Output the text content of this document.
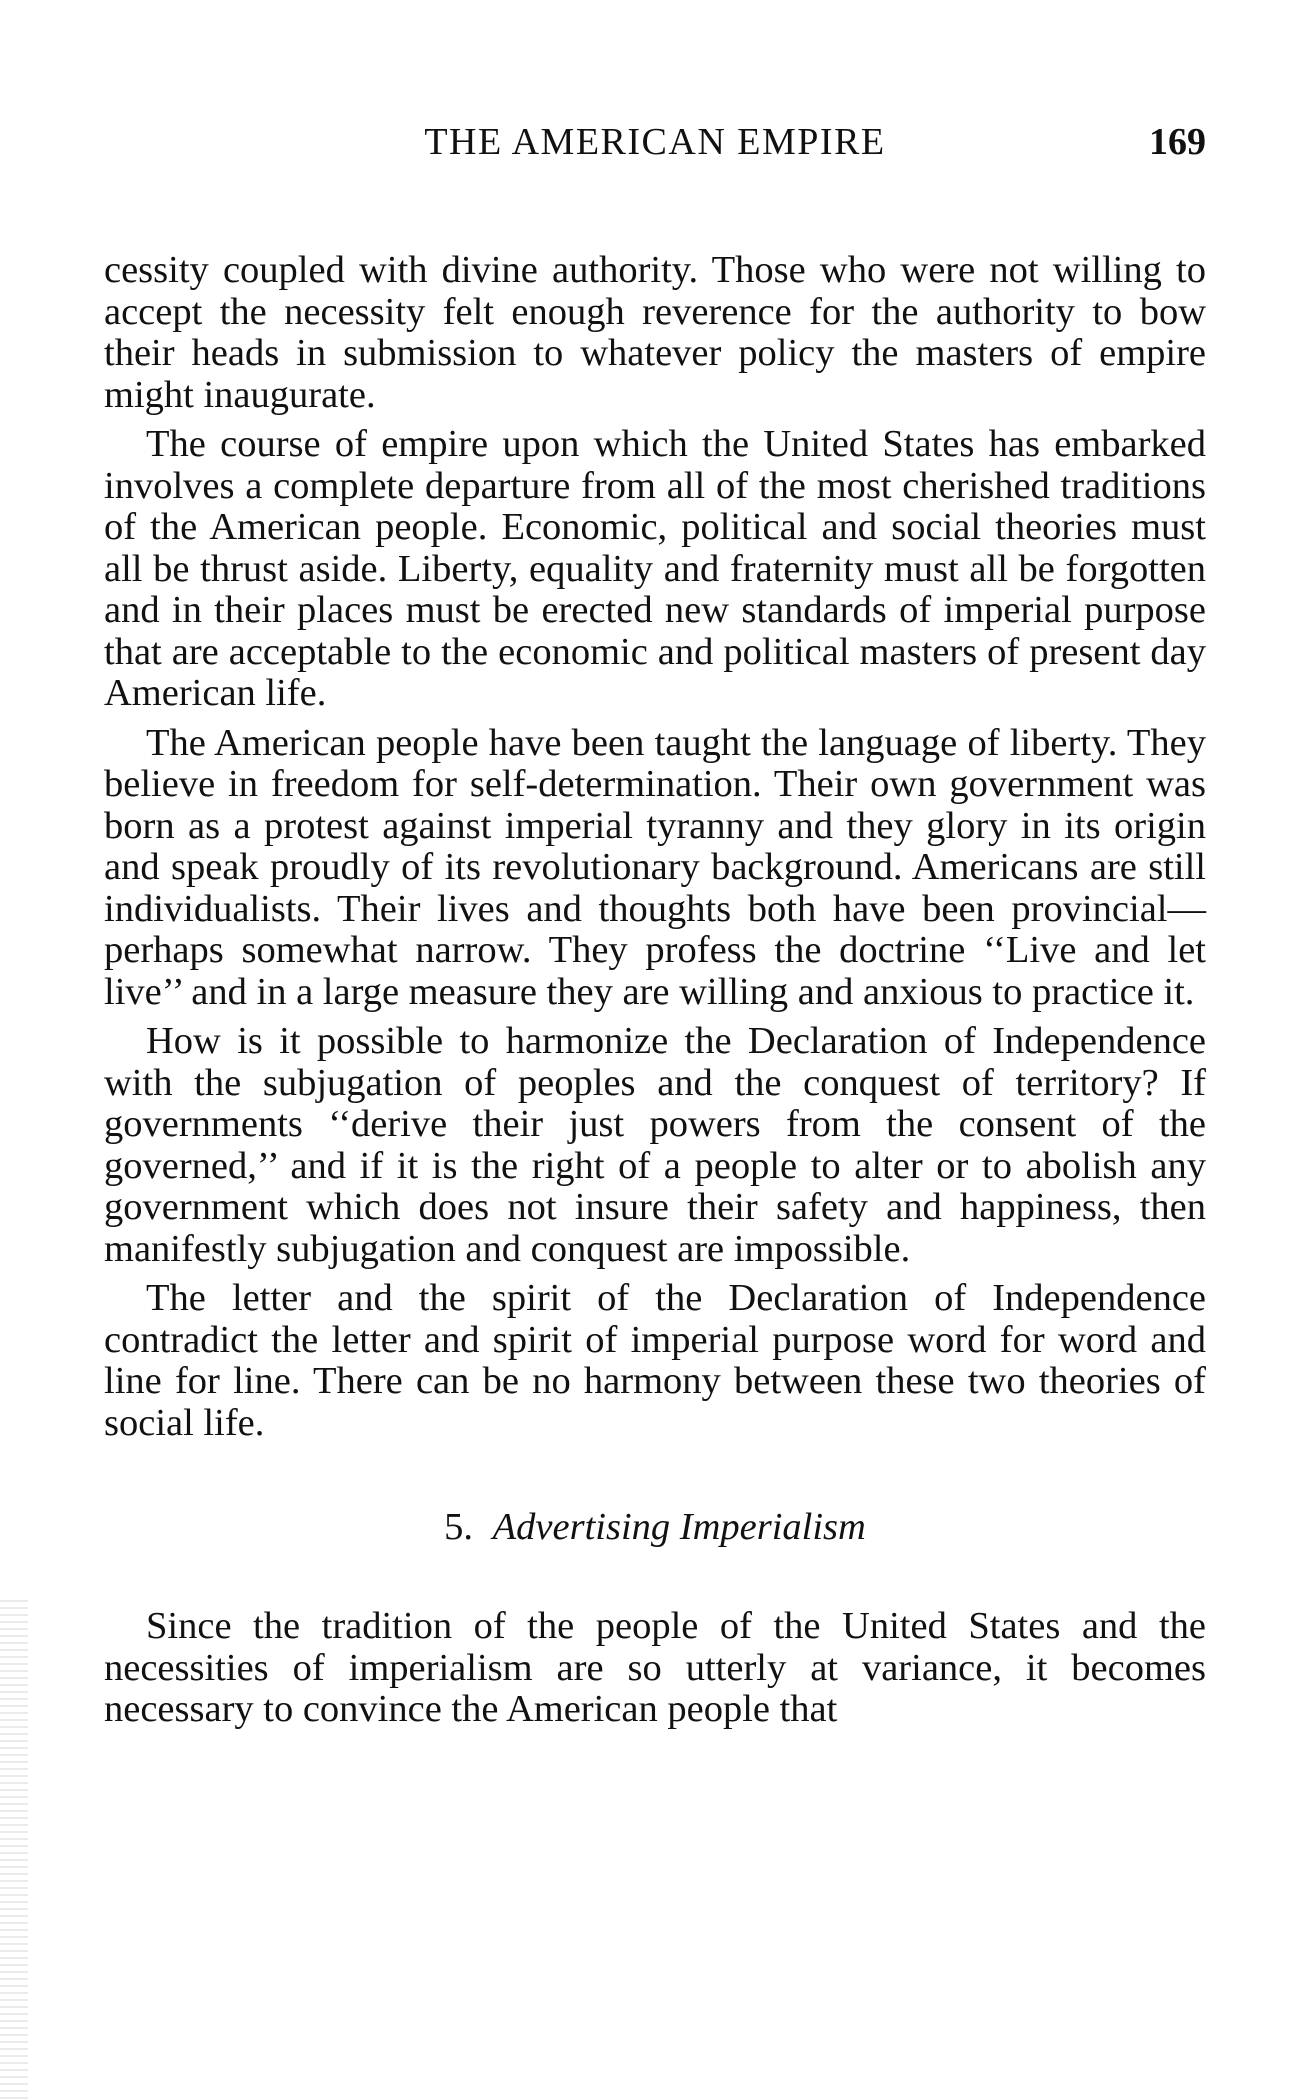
THE AMERICAN EMPIRE	169

cessity coupled with divine authority. Those who were not willing to accept the necessity felt enough reverence for the authority to bow their heads in submission to whatever policy the masters of empire might inaugurate.

The course of empire upon which the United States has embarked involves a complete departure from all of the most cherished traditions of the American people. Economic, political and social theories must all be thrust aside. Liberty, equality and fraternity must all be forgotten and in their places must be erected new standards of imperial purpose that are acceptable to the economic and political masters of present day American life.

The American people have been taught the language of liberty. They believe in freedom for self-determination. Their own government was born as a protest against imperial tyranny and they glory in its origin and speak proudly of its revolutionary background. Americans are still individualists. Their lives and thoughts both have been provincial—perhaps somewhat narrow. They profess the doctrine ‘‘Live and let live’’ and in a large measure they are willing and anxious to practice it.

How is it possible to harmonize the Declaration of Independence with the subjugation of peoples and the conquest of territory? If governments ‘‘derive their just powers from the consent of the governed,’’ and if it is the right of a people to alter or to abolish any government which does not insure their safety and happiness, then manifestly subjugation and conquest are impossible.

The letter and the spirit of the Declaration of Independence contradict the letter and spirit of imperial purpose word for word and line for line. There can be no harmony between these two theories of social life.

5. Advertising Imperialism

Since the tradition of the people of the United States and the necessities of imperialism are so utterly at variance, it becomes necessary to convince the American people that
